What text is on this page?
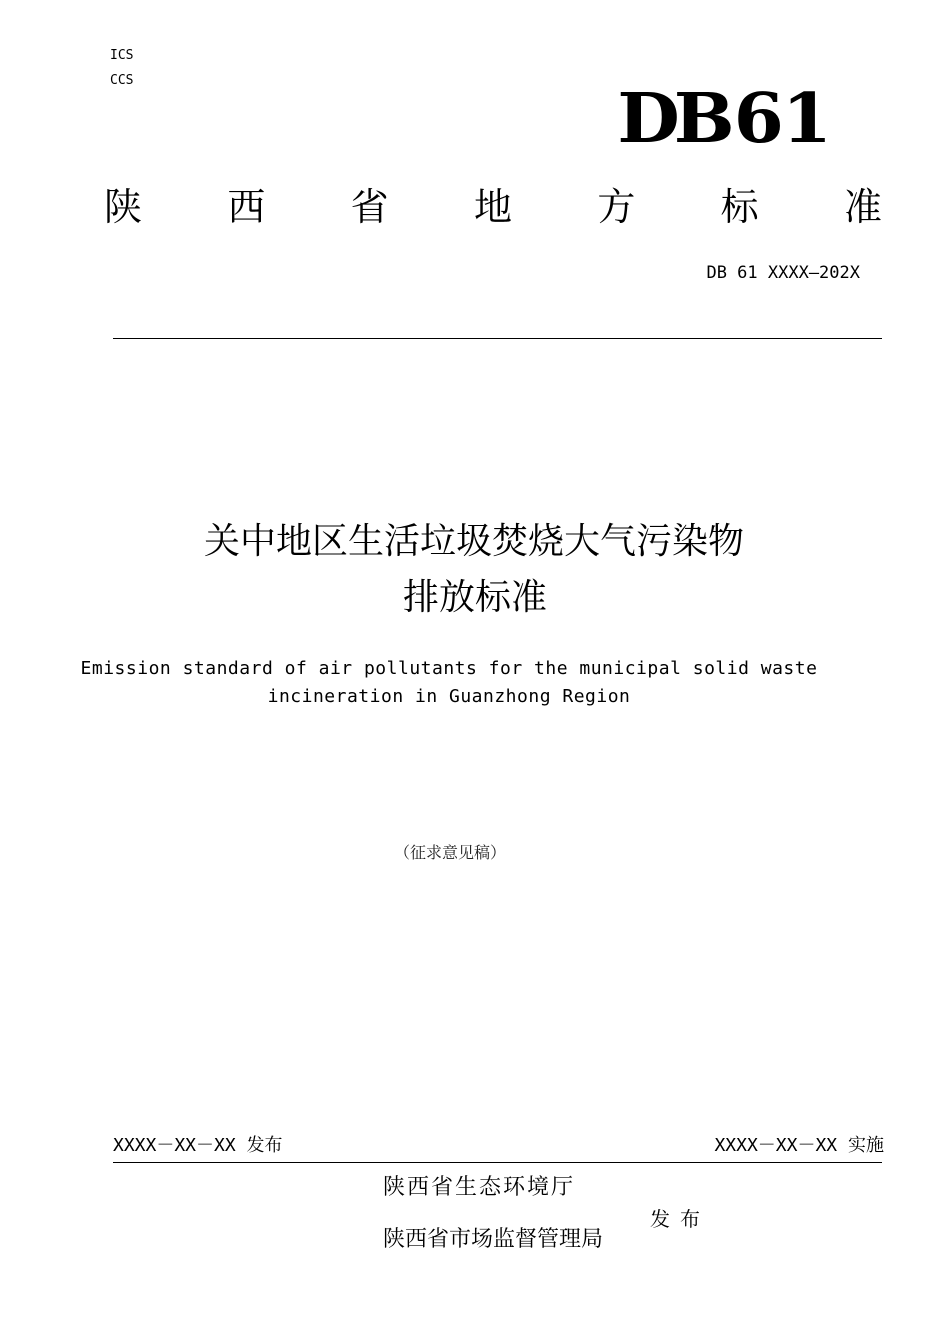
ICS
CCS	DB 61
陕 西 省 地 方 标 准
DB 61 XXXX—202X
关中地区生活垃圾焚烧大气污染物
排放标准
Emission standard of air pollutants for the municipal solid waste
incineration in Guanzhong Region
（征求意见稿）
XXXX－XX－XX 发布	XXXX－XX－XX 实施
陕西省生态环境厅
陕西省市场监督管理局
发布
